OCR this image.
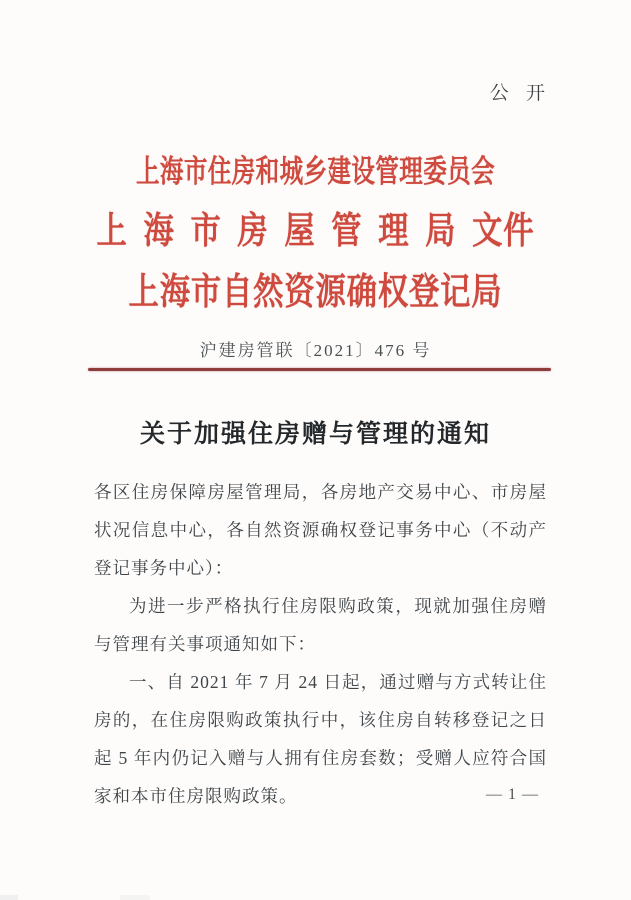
公 开
上海市住房和城乡建设管理委员会
上 海 市 房 屋 管 理 局 文件
上海市自然资源确权登记局
沪建房管联〔2021〕476 号
关于加强住房赠与管理的通知

各区住房保障房屋管理局，各房地产交易中心、市房屋状况信息中心，各自然资源确权登记事务中心（不动产登记事务中心）：

为进一步严格执行住房限购政策，现就加强住房赠与管理有关事项通知如下：

一、自 2021 年 7 月 24 日起，通过赠与方式转让住房的，在住房限购政策执行中，该住房自转移登记之日起 5 年内仍记入赠与人拥有住房套数；受赠人应符合国家和本市住房限购政策。	— 1 —
